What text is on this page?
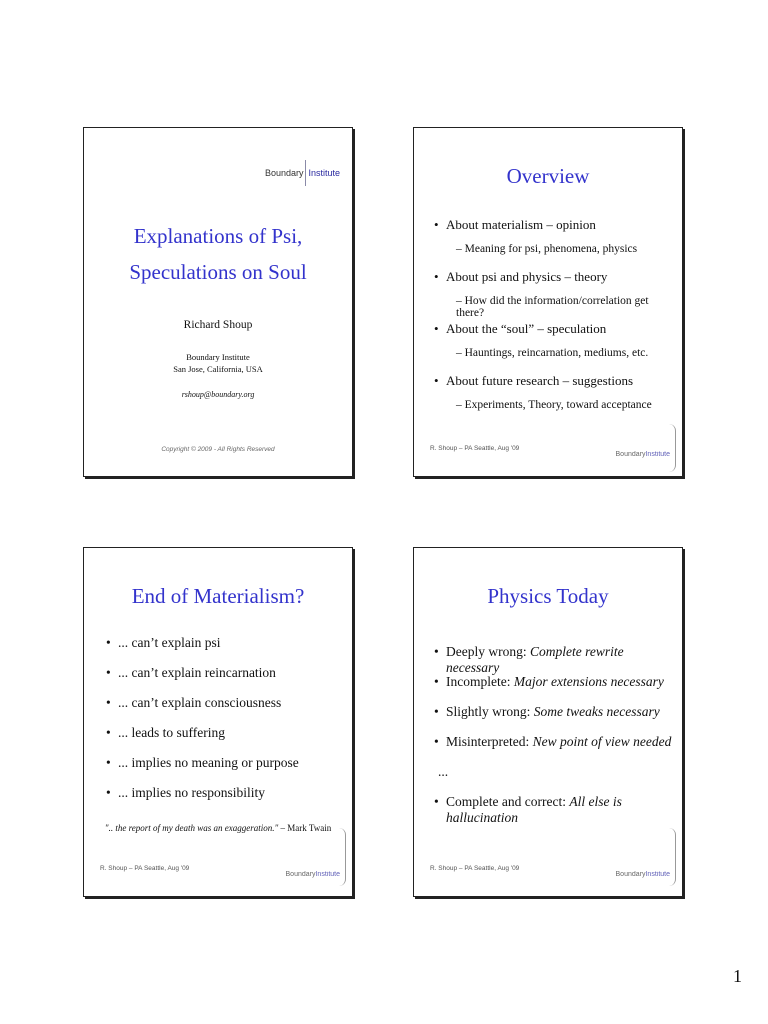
Boundary Institute
Explanations of Psi,
Speculations on Soul
Richard Shoup
Boundary Institute
San Jose, California, USA
rshoup@boundary.org
Copyright © 2009 - All Rights Reserved
Overview
• About materialism – opinion
– Meaning for psi, phenomena, physics
• About psi and physics – theory
– How did the information/correlation get there?
• About the “soul” – speculation
– Hauntings, reincarnation, mediums, etc.
• About future research – suggestions
– Experiments, Theory, toward acceptance
R. Shoup – PA Seattle, Aug '09
Boundary Institute
End of Materialism?
• ... can’t explain psi
• ... can’t explain reincarnation
• ... can’t explain consciousness
• ... leads to suffering
• ... implies no meaning or purpose
• ... implies no responsibility
".. the report of my death was an exaggeration." – Mark Twain
R. Shoup – PA Seattle, Aug '09
Boundary Institute
Physics Today
• Deeply wrong: Complete rewrite necessary
• Incomplete: Major extensions necessary
• Slightly wrong: Some tweaks necessary
• Misinterpreted: New point of view needed
...
• Complete and correct: All else is hallucination
R. Shoup – PA Seattle, Aug '09
Boundary Institute
1
